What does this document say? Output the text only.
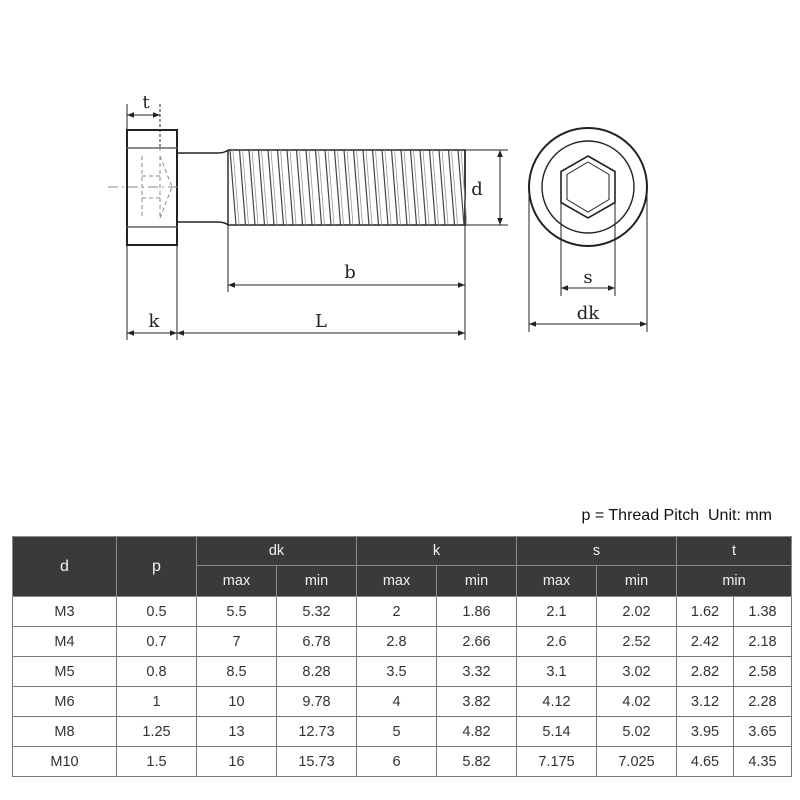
t
d
b
k	L
s
dk
p = Thread Pitch  Unit: mm
d	p	dk		k		s		t	
		max	min	max	min	max	min	min	
M3	0.5	5.5	5.32	2	1.86	2.1	2.02	1.62	1.38
M4	0.7	7	6.78	2.8	2.66	2.6	2.52	2.42	2.18
M5	0.8	8.5	8.28	3.5	3.32	3.1	3.02	2.82	2.58
M6	1	10	9.78	4	3.82	4.12	4.02	3.12	2.28
M8	1.25	13	12.73	5	4.82	5.14	5.02	3.95	3.65
M10	1.5	16	15.73	6	5.82	7.175	7.025	4.65	4.35
